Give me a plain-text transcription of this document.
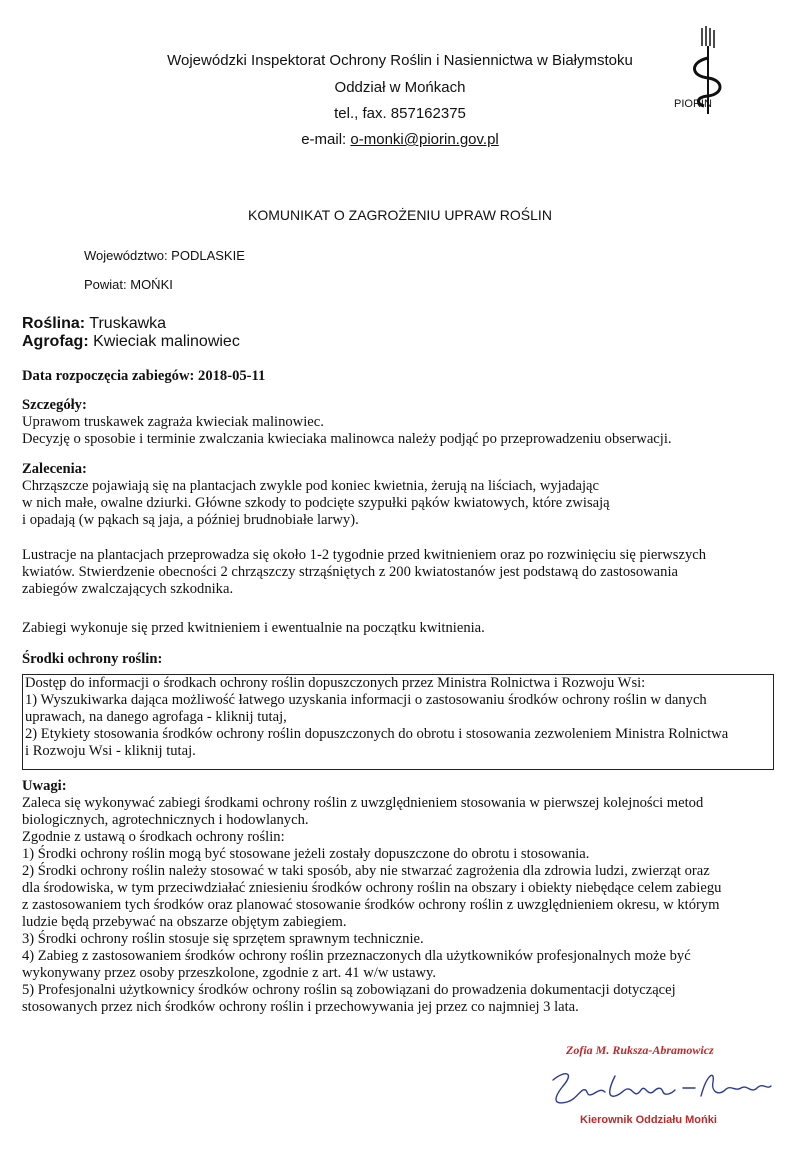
Wojewódzki Inspektorat Ochrony Roślin i Nasiennictwa w Białymstoku
Oddział w Mońkach
tel., fax. 857162375
e-mail: o-monki@piorin.gov.pl
PIORIN
KOMUNIKAT O ZAGROŻENIU UPRAW ROŚLIN
Województwo: PODLASKIE
Powiat: MOŃKI
Roślina: Truskawka
Agrofag: Kwieciak malinowiec
Data rozpoczęcia zabiegów: 2018-05-11
Szczegóły:
Uprawom truskawek zagraża kwieciak malinowiec.
Decyzję o sposobie i terminie zwalczania kwieciaka malinowca należy podjąć po przeprowadzeniu obserwacji.
Zalecenia:
Chrząszcze pojawiają się na plantacjach zwykle pod koniec kwietnia, żerują na liściach, wyjadając
w nich małe, owalne dziurki. Główne szkody to podcięte szypułki pąków kwiatowych, które zwisają
i opadają (w pąkach są jaja, a później brudnobiałe larwy).
Lustracje na plantacjach przeprowadza się około 1-2 tygodnie przed kwitnieniem oraz po rozwinięciu się pierwszych
kwiatów. Stwierdzenie obecności 2 chrząszczy strząśniętych z 200 kwiatostanów jest podstawą do zastosowania
zabiegów zwalczających szkodnika.
Zabiegi wykonuje się przed kwitnieniem i ewentualnie na początku kwitnienia.
Środki ochrony roślin:
Dostęp do informacji o środkach ochrony roślin dopuszczonych przez Ministra Rolnictwa i Rozwoju Wsi:
1) Wyszukiwarka dająca możliwość łatwego uzyskania informacji o zastosowaniu środków ochrony roślin w danych
uprawach, na danego agrofaga - kliknij tutaj,
2) Etykiety stosowania środków ochrony roślin dopuszczonych do obrotu i stosowania zezwoleniem Ministra Rolnictwa
i Rozwoju Wsi - kliknij tutaj.
Uwagi:
Zaleca się wykonywać zabiegi środkami ochrony roślin z uwzględnieniem stosowania w pierwszej kolejności metod
biologicznych, agrotechnicznych i hodowlanych.
Zgodnie z ustawą o środkach ochrony roślin:
1) Środki ochrony roślin mogą być stosowane jeżeli zostały dopuszczone do obrotu i stosowania.
2) Środki ochrony roślin należy stosować w taki sposób, aby nie stwarzać zagrożenia dla zdrowia ludzi, zwierząt oraz
dla środowiska, w tym przeciwdziałać zniesieniu środków ochrony roślin na obszary i obiekty niebędące celem zabiegu
z zastosowaniem tych środków oraz planować stosowanie środków ochrony roślin z uwzględnieniem okresu, w którym
ludzie będą przebywać na obszarze objętym zabiegiem.
3) Środki ochrony roślin stosuje się sprzętem sprawnym technicznie.
4) Zabieg z zastosowaniem środków ochrony roślin przeznaczonych dla użytkowników profesjonalnych może być
wykonywany przez osoby przeszkolone, zgodnie z art. 41 w/w ustawy.
5) Profesjonalni użytkownicy środków ochrony roślin są zobowiązani do prowadzenia dokumentacji dotyczącej
stosowanych przez nich środków ochrony roślin i przechowywania jej przez co najmniej 3 lata.
Zofia M. Ruksza-Abramowicz
Kierownik Oddziału Mońki
